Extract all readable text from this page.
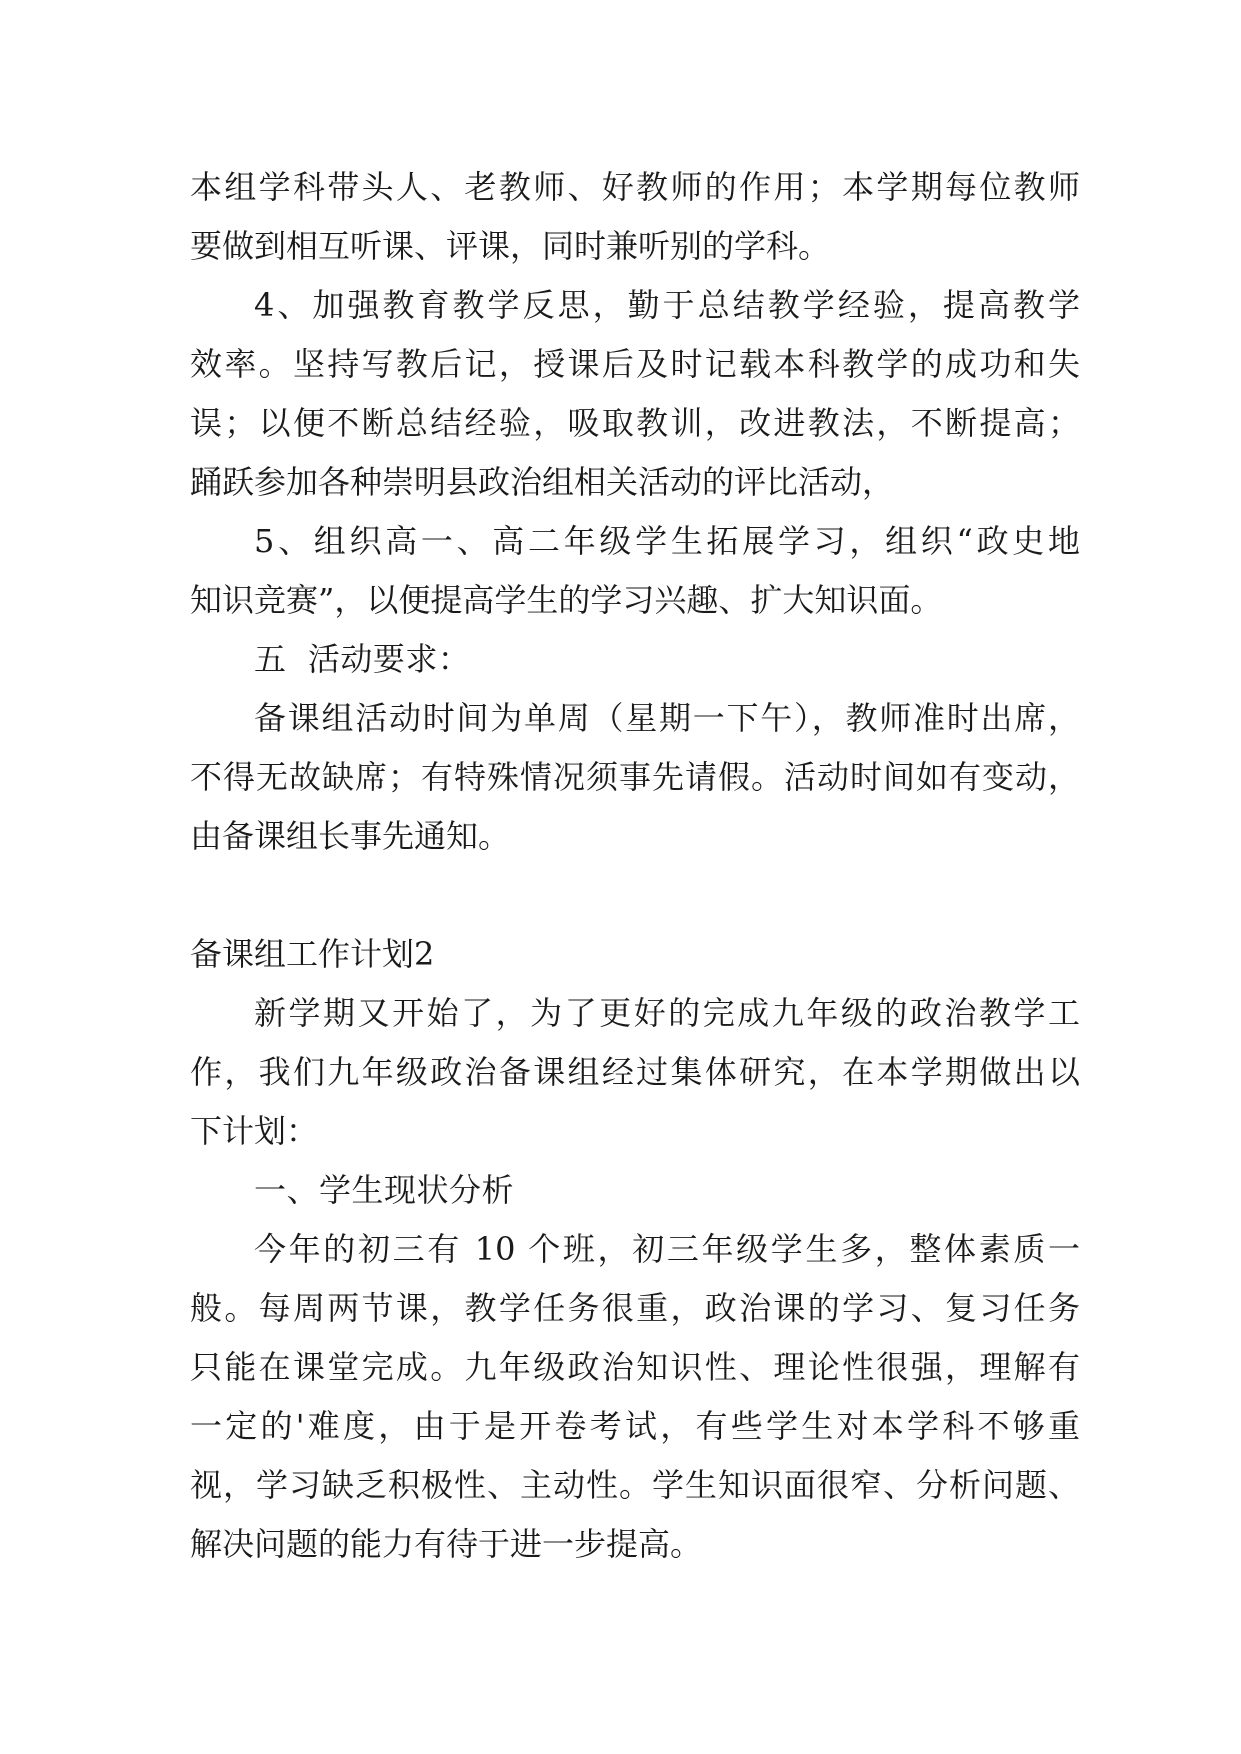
本组学科带头人、老教师、好教师的作用；本学期每位教师
要做到相互听课、评课，同时兼听别的学科。
4、加强教育教学反思，勤于总结教学经验，提高教学
效率。坚持写教后记，授课后及时记载本科教学的成功和失
误；以便不断总结经验，吸取教训，改进教法，不断提高；
踊跃参加各种崇明县政治组相关活动的评比活动，
5、组织高一、高二年级学生拓展学习，组织“政史地
知识竞赛”，以便提高学生的学习兴趣、扩大知识面。
五  活动要求：
备课组活动时间为单周（星期一下午），教师准时出席，
不得无故缺席；有特殊情况须事先请假。活动时间如有变动，
由备课组长事先通知。
备课组工作计划2
新学期又开始了，为了更好的完成九年级的政治教学工
作，我们九年级政治备课组经过集体研究，在本学期做出以
下计划：
一、学生现状分析
今年的初三有 10 个班，初三年级学生多，整体素质一
般。每周两节课，教学任务很重，政治课的学习、复习任务
只能在课堂完成。九年级政治知识性、理论性很强，理解有
一定的'难度，由于是开卷考试，有些学生对本学科不够重
视，学习缺乏积极性、主动性。学生知识面很窄、分析问题、
解决问题的能力有待于进一步提高。
